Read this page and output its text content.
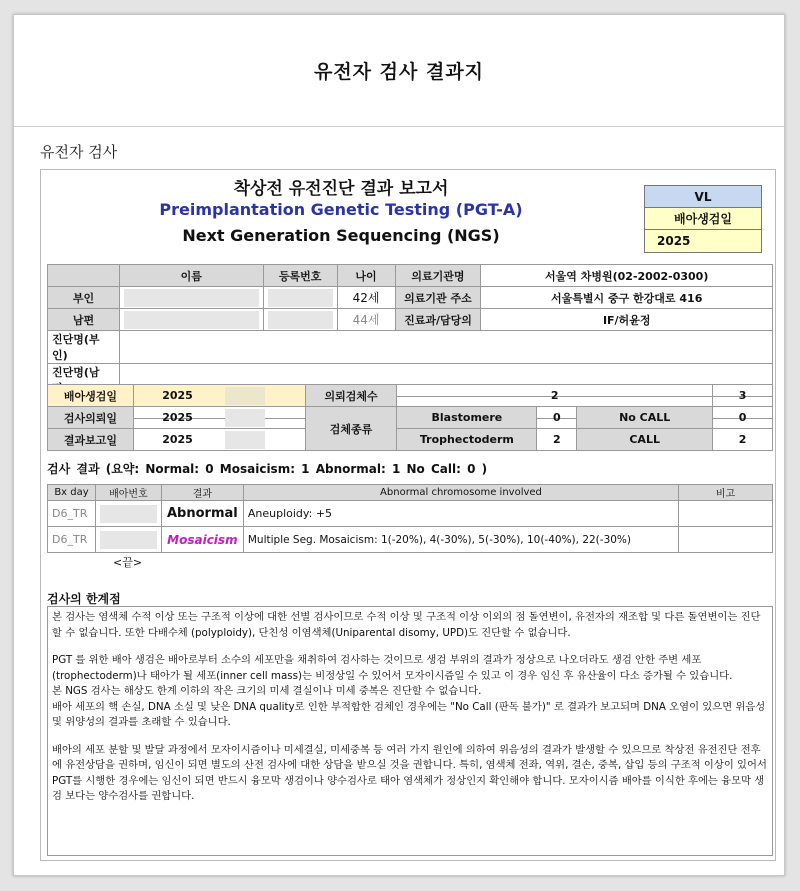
유전자 검사 결과지
유전자 검사
착상전 유전진단 결과 보고서
Preimplantation Genetic Testing (PGT-A)
Next Generation Sequencing (NGS)
VL
배아생검일
2025
	이름	등록번호	나이	의료기관명	서울역 차병원(02-2002-0300)
부인			42세	의료기관 주소	서울특별시 중구 한강대로 416
남편			44세	진료과/담당의	IF/허윤정
진단명(부인)					
진단명(남					

배아생검일	2025		의뢰검체수	2			3
검사의뢰일	2025		검체종류	Blastomere	0	No CALL	0
결과보고일	2025			Trophectoderm	2	CALL	2
검사 결과 (요약: Normal: 0 Mosaicism: 1 Abnormal: 1 No Call: 0 )
Bx day	배아번호	결과	Abnormal chromosome involved	비고
D6_TR		Abnormal	Aneuploidy: +5	
D6_TR		Mosaicism	Multiple Seg. Mosaicism: 1(-20%), 4(-30%), 5(-30%), 10(-40%), 22(-30%)	
<끝>
검사의 한계점

본 검사는 염색체 수적 이상 또는 구조적 이상에 대한 선별 검사이므로 수적 이상 및 구조적 이상 이외의 점 돌연변이, 유전자의 재조합 및 다른 돌연변이는 진단할 수 없습니다. 또한 다배수체 (polyploidy), 단친성 이염색체(Uniparental disomy, UPD)도 진단할 수 없습니다.

PGT 를 위한 배아 생검은 배아로부터 소수의 세포만을 채취하여 검사하는 것이므로 생검 부위의 결과가 정상으로 나오더라도 생검 안한 주변 세포 (trophectoderm)나 태아가 될 세포(inner cell mass)는 비정상일 수 있어서 모자이시즘일 수 있고 이 경우 임신 후 유산율이 다소 증가될 수 있습니다.

본 NGS 검사는 해상도 한계 이하의 작은 크기의 미세 결실이나 미세 중복은 진단할 수 없습니다.

배아 세포의 핵 손실, DNA 소실 및 낮은 DNA quality로 인한 부적합한 검체인 경우에는 "No Call (판독 불가)" 로 결과가 보고되며 DNA 오염이 있으면 위음성 및 위양성의 결과를 초래할 수 있습니다.

배아의 세포 분할 및 발달 과정에서 모자이시즘이나 미세결실, 미세중복 등 여러 가지 원인에 의하여 위음성의 결과가 발생할 수 있으므로 착상전 유전진단 전후에 유전상담을 권하며, 임신이 되면 별도의 산전 검사에 대한 상담을 받으실 것을 권합니다. 특히, 염색체 전좌, 역위, 결손, 중복, 삽입 등의 구조적 이상이 있어서 PGT를 시행한 경우에는 임신이 되면 반드시 융모막 생검이나 양수검사로 태아 염색체가 정상인지 확인해야 합니다. 모자이시즘 배아를 이식한 후에는 융모막 생검 보다는 양수검사를 권합니다.
